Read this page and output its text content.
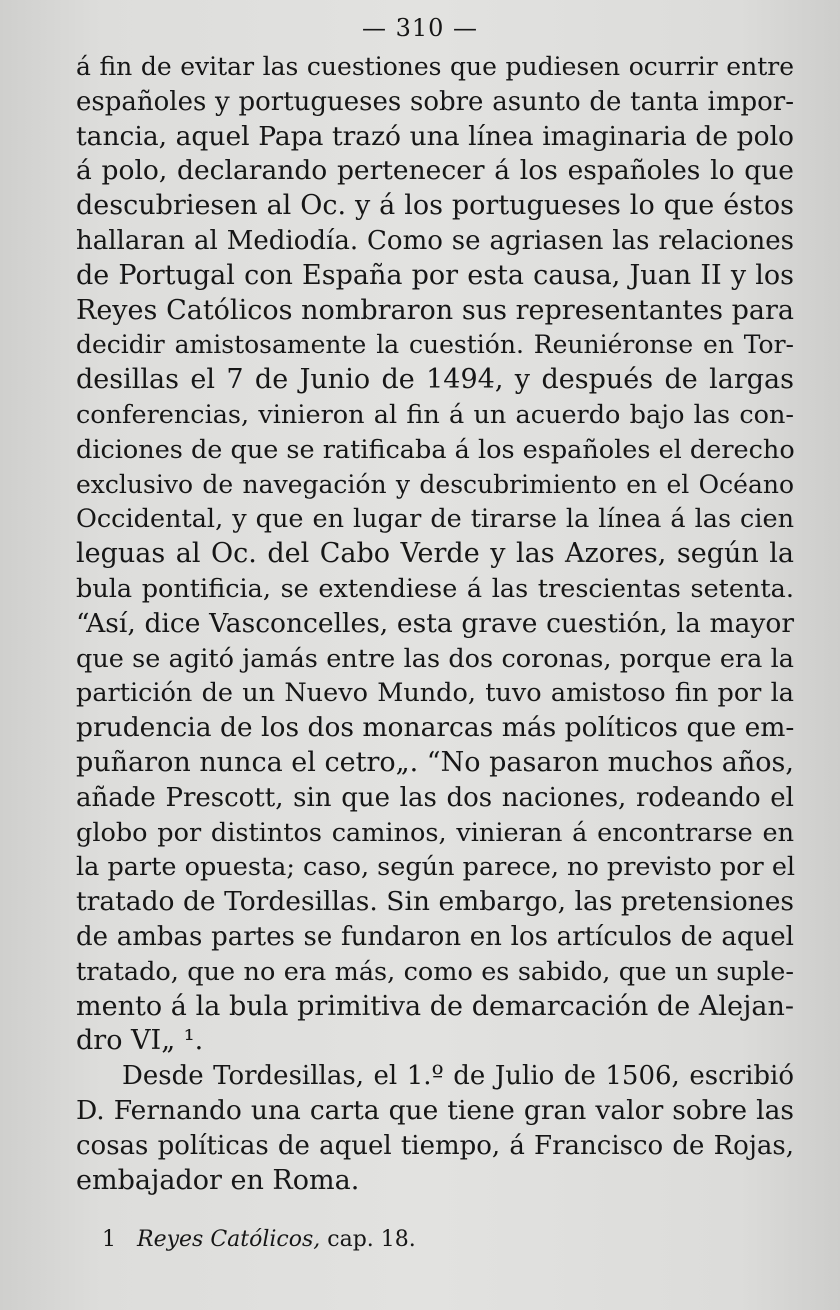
— 310 —
á fin de evitar las cuestiones que pudiesen ocurrir entre
españoles y portugueses sobre asunto de tanta impor-
tancia, aquel Papa trazó una línea imaginaria de polo
á polo, declarando pertenecer á los españoles lo que
descubriesen al Oc. y á los portugueses lo que éstos
hallaran al Mediodía. Como se agriasen las relaciones
de Portugal con España por esta causa, Juan II y los
Reyes Católicos nombraron sus representantes para
decidir amistosamente la cuestión. Reuniéronse en Tor-
desillas el 7 de Junio de 1494, y después de largas
conferencias, vinieron al fin á un acuerdo bajo las con-
diciones de que se ratificaba á los españoles el derecho
exclusivo de navegación y descubrimiento en el Océano
Occidental, y que en lugar de tirarse la línea á las cien
leguas al Oc. del Cabo Verde y las Azores, según la
bula pontificia, se extendiese á las trescientas setenta.
“Así, dice Vasconcelles, esta grave cuestión, la mayor
que se agitó jamás entre las dos coronas, porque era la
partición de un Nuevo Mundo, tuvo amistoso fin por la
prudencia de los dos monarcas más políticos que em-
puñaron nunca el cetro„. “No pasaron muchos años,
añade Prescott, sin que las dos naciones, rodeando el
globo por distintos caminos, vinieran á encontrarse en
la parte opuesta; caso, según parece, no previsto por el
tratado de Tordesillas. Sin embargo, las pretensiones
de ambas partes se fundaron en los artículos de aquel
tratado, que no era más, como es sabido, que un suple-
mento á la bula primitiva de demarcación de Alejan-
dro VI„ ¹.
Desde Tordesillas, el 1.º de Julio de 1506, escribió
D. Fernando una carta que tiene gran valor sobre las
cosas políticas de aquel tiempo, á Francisco de Rojas,
embajador en Roma.
1 Reyes Católicos, cap. 18.
